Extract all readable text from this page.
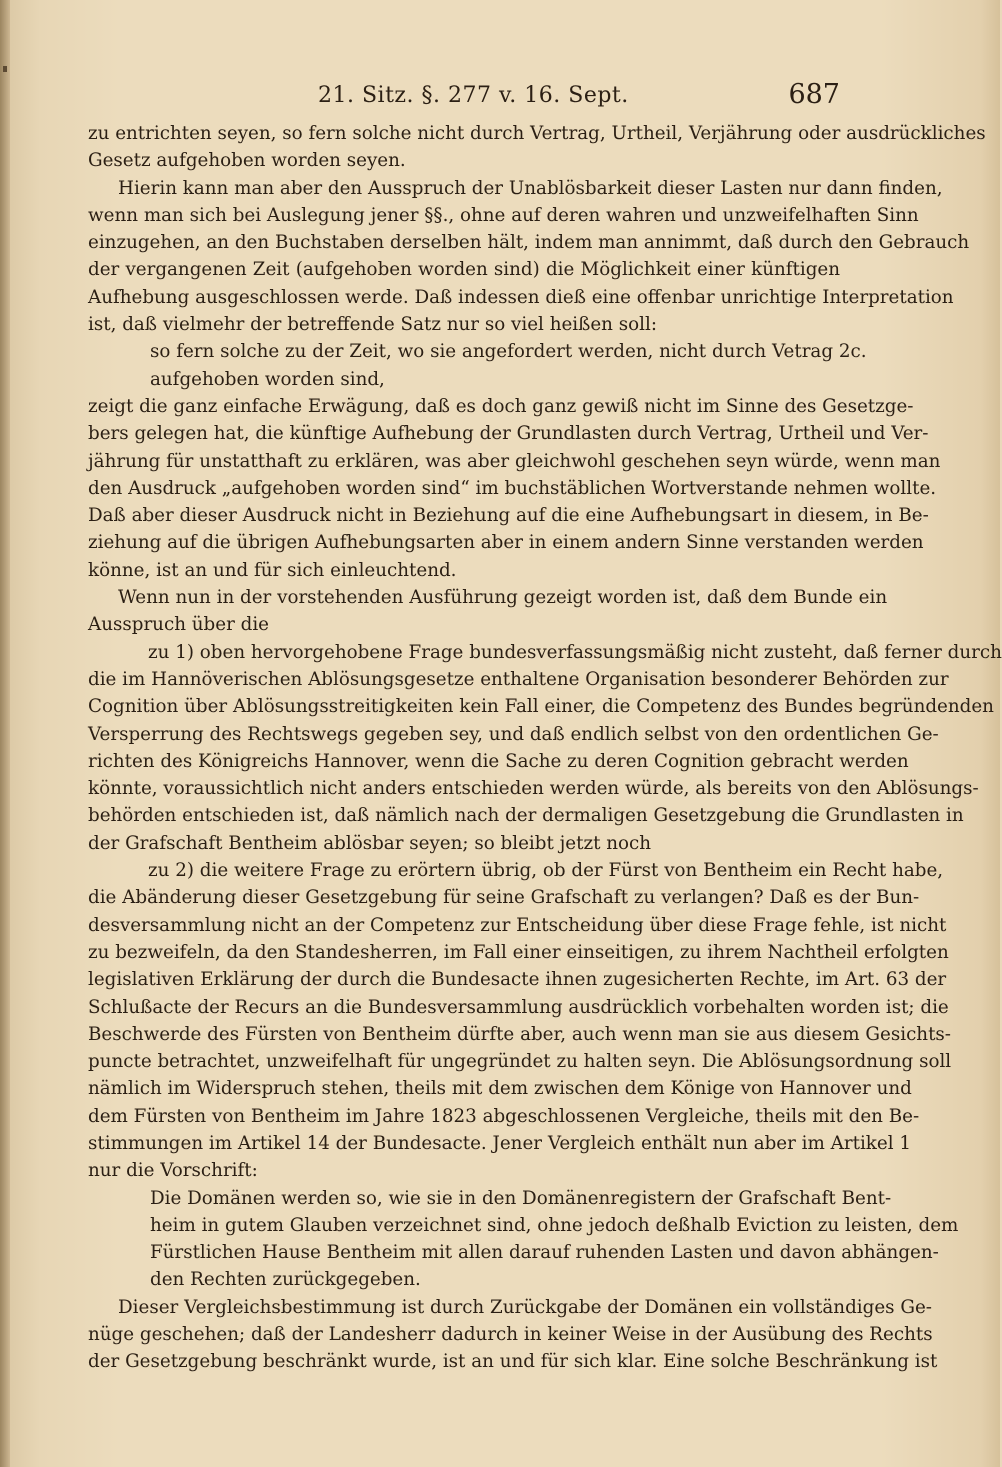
21. Sitz. §. 277 v. 16. Sept.	687
zu entrichten seyen, so fern solche nicht durch Vertrag, Urtheil, Verjährung oder ausdrückliches
Gesetz aufgehoben worden seyen.
Hierin kann man aber den Ausspruch der Unablösbarkeit dieser Lasten nur dann finden,
wenn man sich bei Auslegung jener §§., ohne auf deren wahren und unzweifelhaften Sinn
einzugehen, an den Buchstaben derselben hält, indem man annimmt, daß durch den Gebrauch
der vergangenen Zeit (aufgehoben worden sind) die Möglichkeit einer künftigen
Aufhebung ausgeschlossen werde. Daß indessen dieß eine offenbar unrichtige Interpretation
ist, daß vielmehr der betreffende Satz nur so viel heißen soll:
so fern solche zu der Zeit, wo sie angefordert werden, nicht durch Vetrag 2c.
aufgehoben worden sind,
zeigt die ganz einfache Erwägung, daß es doch ganz gewiß nicht im Sinne des Gesetzge-
bers gelegen hat, die künftige Aufhebung der Grundlasten durch Vertrag, Urtheil und Ver-
jährung für unstatthaft zu erklären, was aber gleichwohl geschehen seyn würde, wenn man
den Ausdruck „aufgehoben worden sind“ im buchstäblichen Wortverstande nehmen wollte.
Daß aber dieser Ausdruck nicht in Beziehung auf die eine Aufhebungsart in diesem, in Be-
ziehung auf die übrigen Aufhebungsarten aber in einem andern Sinne verstanden werden
könne, ist an und für sich einleuchtend.
Wenn nun in der vorstehenden Ausführung gezeigt worden ist, daß dem Bunde ein
Ausspruch über die
zu 1) oben hervorgehobene Frage bundesverfassungsmäßig nicht zusteht, daß ferner durch
die im Hannöverischen Ablösungsgesetze enthaltene Organisation besonderer Behörden zur
Cognition über Ablösungsstreitigkeiten kein Fall einer, die Competenz des Bundes begründenden
Versperrung des Rechtswegs gegeben sey, und daß endlich selbst von den ordentlichen Ge-
richten des Königreichs Hannover, wenn die Sache zu deren Cognition gebracht werden
könnte, voraussichtlich nicht anders entschieden werden würde, als bereits von den Ablösungs-
behörden entschieden ist, daß nämlich nach der dermaligen Gesetzgebung die Grundlasten in
der Grafschaft Bentheim ablösbar seyen; so bleibt jetzt noch
zu 2) die weitere Frage zu erörtern übrig, ob der Fürst von Bentheim ein Recht habe,
die Abänderung dieser Gesetzgebung für seine Grafschaft zu verlangen? Daß es der Bun-
desversammlung nicht an der Competenz zur Entscheidung über diese Frage fehle, ist nicht
zu bezweifeln, da den Standesherren, im Fall einer einseitigen, zu ihrem Nachtheil erfolgten
legislativen Erklärung der durch die Bundesacte ihnen zugesicherten Rechte, im Art. 63 der
Schlußacte der Recurs an die Bundesversammlung ausdrücklich vorbehalten worden ist; die
Beschwerde des Fürsten von Bentheim dürfte aber, auch wenn man sie aus diesem Gesichts-
puncte betrachtet, unzweifelhaft für ungegründet zu halten seyn. Die Ablösungsordnung soll
nämlich im Widerspruch stehen, theils mit dem zwischen dem Könige von Hannover und
dem Fürsten von Bentheim im Jahre 1823 abgeschlossenen Vergleiche, theils mit den Be-
stimmungen im Artikel 14 der Bundesacte. Jener Vergleich enthält nun aber im Artikel 1
nur die Vorschrift:
Die Domänen werden so, wie sie in den Domänenregistern der Grafschaft Bent-
heim in gutem Glauben verzeichnet sind, ohne jedoch deßhalb Eviction zu leisten, dem
Fürstlichen Hause Bentheim mit allen darauf ruhenden Lasten und davon abhängen-
den Rechten zurückgegeben.
Dieser Vergleichsbestimmung ist durch Zurückgabe der Domänen ein vollständiges Ge-
nüge geschehen; daß der Landesherr dadurch in keiner Weise in der Ausübung des Rechts
der Gesetzgebung beschränkt wurde, ist an und für sich klar. Eine solche Beschränkung ist
